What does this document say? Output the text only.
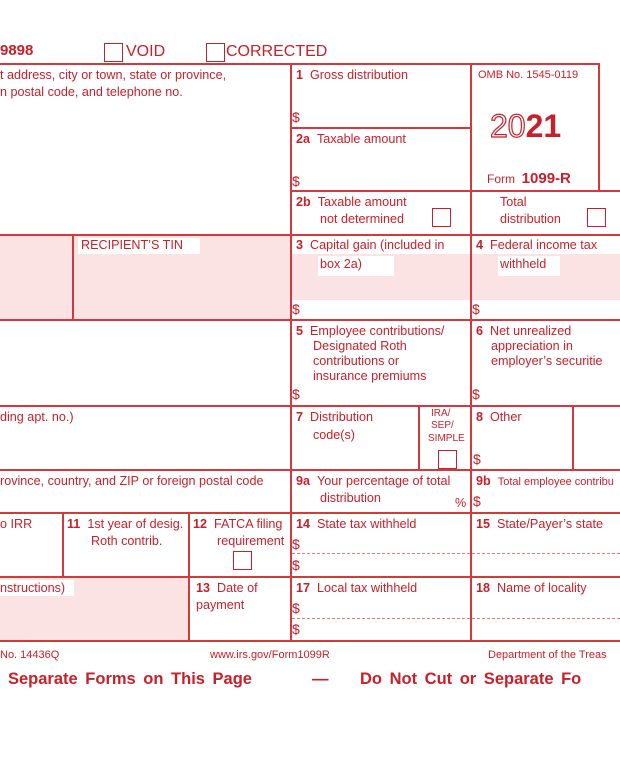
9898	VOID	CORRECTED
t address, city or town, state or province,
n postal code, and telephone no.
1 Gross distribution
$
OMB No. 1545-0119
2021
Form 1099-R
2a Taxable amount
$
2b Taxable amount
not determined
Total
distribution
RECIPIENT’S TIN	3 Capital gain (included in
box 2a)
$
4 Federal income tax
withheld
$
5 Employee contributions/
Designated Roth
contributions or
insurance premiums
$
6 Net unrealized
appreciation in
employer’s securitie
$
ding apt. no.)	7 Distribution
code(s)
IRA/
SEP/
SIMPLE
8 Other
$
rovince, country, and ZIP or foreign postal code	9a Your percentage of total
distribution	%
9b Total employee contribu
$
o IRR	11 1st year of desig.
Roth contrib.
12 FATCA filing
requirement
14 State tax withheld
$
$
15 State/Payer’s state
nstructions)	13 Date of
payment
17 Local tax withheld
$
$
18 Name of locality
No. 14436Q	www.irs.gov/Form1099R	Department of the Treas
Separate Forms on This Page	— Do Not Cut or Separate Fo
